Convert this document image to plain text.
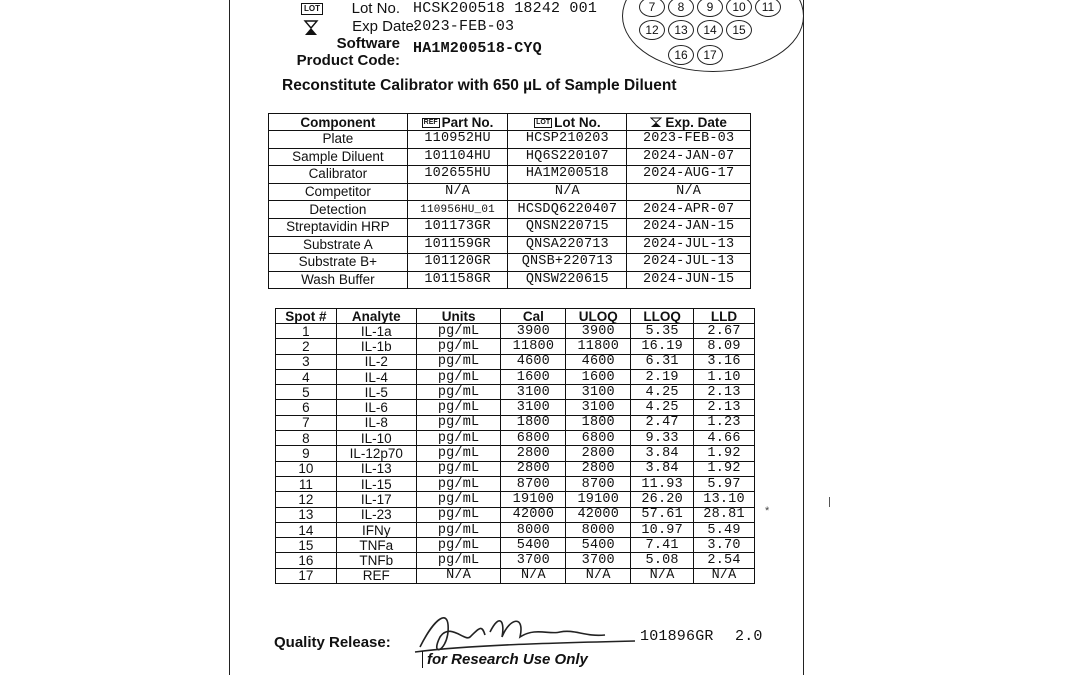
LOT	Lot No. HCSK200518 18242 001
Exp Date:
2023-FEB-03
Software
Product Code:
HA1M200518-CYQ
7	8	9	10	11
12	13	14	15
16	17
Reconstitute Calibrator with 650 µL of Sample Diluent
Component	REF Part No.	LOT Lot No.	Exp. Date
Plate	110952HU	HCSP210203	2023-FEB-03
Sample Diluent	101104HU	HQ6S220107	2024-JAN-07
Calibrator	102655HU	HA1M200518	2024-AUG-17
Competitor	N/A	N/A	N/A
Detection	110956HU_01	HCSDQ6220407	2024-APR-07
Streptavidin HRP	101173GR	QNSN220715	2024-JAN-15
Substrate A	101159GR	QNSA220713	2024-JUL-13
Substrate B+	101120GR	QNSB+220713	2024-JUL-13
Wash Buffer	101158GR	QNSW220615	2024-JUN-15
Spot #	Analyte	Units	Cal	ULOQ	LLOQ	LLD
1	IL-1a	pg/mL	3900	3900	5.35	2.67
2	IL-1b	pg/mL	11800	11800	16.19	8.09
3	IL-2	pg/mL	4600	4600	6.31	3.16
4	IL-4	pg/mL	1600	1600	2.19	1.10
5	IL-5	pg/mL	3100	3100	4.25	2.13
6	IL-6	pg/mL	3100	3100	4.25	2.13
7	IL-8	pg/mL	1800	1800	2.47	1.23
8	IL-10	pg/mL	6800	6800	9.33	4.66
9	IL-12p70	pg/mL	2800	2800	3.84	1.92
10	IL-13	pg/mL	2800	2800	3.84	1.92
11	IL-15	pg/mL	8700	8700	11.93	5.97
12	IL-17	pg/mL	19100	19100	26.20	13.10
13	IL-23	pg/mL	42000	42000	57.61	28.81
14	IFNy	pg/mL	8000	8000	10.97	5.49
15	TNFa	pg/mL	5400	5400	7.41	3.70
16	TNFb	pg/mL	3700	3700	5.08	2.54
17	REF	N/A	N/A	N/A	N/A	N/A
Quality Release:	101896GR 2.0
for Research Use Only
*
